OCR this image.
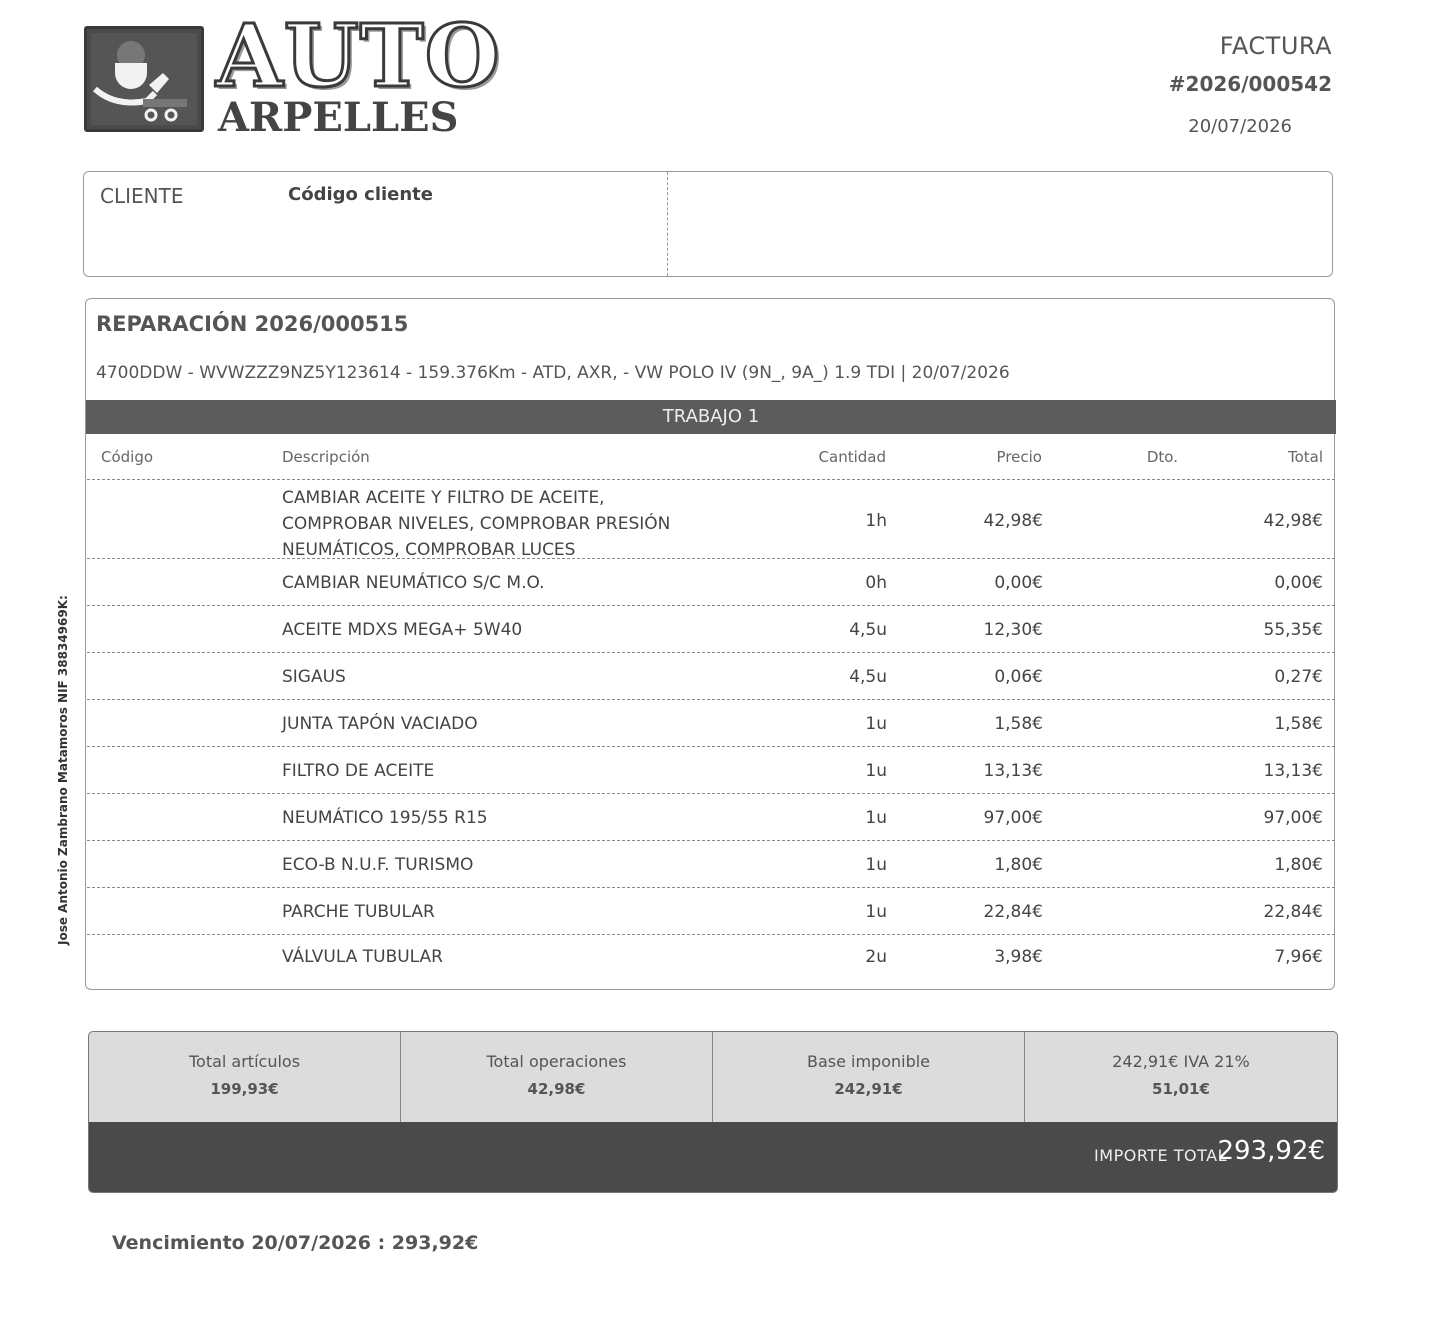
AUTO
ARPELLES
FACTURA
#2026/000542
20/07/2026
CLIENTE	Código cliente
REPARACIÓN 2026/000515
4700DDW - WVWZZZ9NZ5Y123614 - 159.376Km - ATD, AXR, - VW POLO IV (9N_, 9A_) 1.9 TDI | 20/07/2026
TRABAJO 1
Código	Descripción	Cantidad	Precio	Dto.	Total
CAMBIAR ACEITE Y FILTRO DE ACEITE,
COMPROBAR NIVELES, COMPROBAR PRESIÓN
NEUMÁTICOS, COMPROBAR LUCES
1h	42,98€	42,98€
CAMBIAR NEUMÁTICO S/C M.O.	0h	0,00€	0,00€
ACEITE MDXS MEGA+ 5W40	4,5u	12,30€	55,35€
SIGAUS	4,5u	0,06€	0,27€
JUNTA TAPÓN VACIADO	1u	1,58€	1,58€
FILTRO DE ACEITE	1u	13,13€	13,13€
NEUMÁTICO 195/55 R15	1u	97,00€	97,00€
ECO-B N.U.F. TURISMO	1u	1,80€	1,80€
PARCHE TUBULAR	1u	22,84€	22,84€
VÁLVULA TUBULAR	2u	3,98€	7,96€
Jose Antonio Zambrano Matamoros NIF 38834969K:
Total artículos
199,93€
Total operaciones
42,98€
Base imponible
242,91€
242,91€ IVA 21%
51,01€
IMPORTE TOTAL
293,92€
Vencimiento 20/07/2026 : 293,92€
